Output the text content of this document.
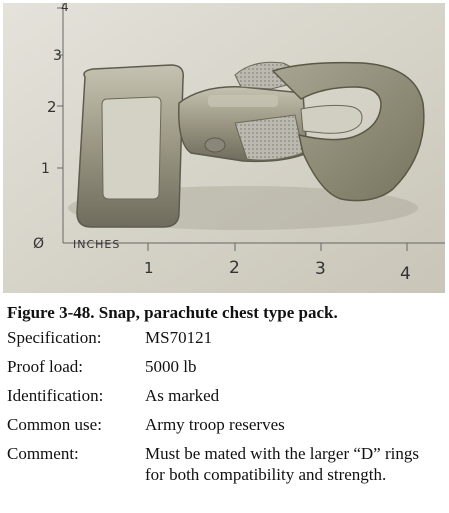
INCHES
1	2	3	4
Ø
1
2
3
4
Figure 3-48. Snap, parachute chest type pack.
Specification:	MS70121
Proof load:	5000 lb
Identification:	As marked
Common use:	Army troop reserves
Comment:	Must be mated with the larger “D” rings for both compatibility and strength.
